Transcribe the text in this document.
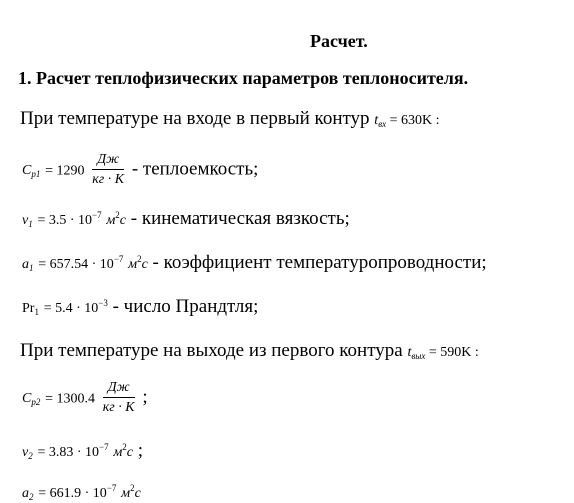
Расчет.
1. Расчет теплофизических параметров теплоносителя.
При температуре на входе в первый контур $t_{вх} = 630K$ :
$C_{p1} = 1290 \frac{Дж}{кг \cdot K}$ - теплоемкость;
$\nu_1 = 3.5 \cdot 10^{-7}$ $м^2с$ - кинематическая вязкость;
$a_1 = 657.54 \cdot 10^{-7}$ $м^2с$ - коэффициент температуропроводности;
$Pr_1 = 5.4 \cdot 10^{-3}$ - число Прандтля;
При температуре на выходе из первого контура $t_{вых} = 590K$ :
$C_{p2} = 1300.4 \frac{Дж}{кг \cdot K}$ ;
$\nu_2 = 3.83 \cdot 10^{-7}$ $м^2с$ ;
$a_2 = 661.9 \cdot 10^{-7}$ $м^2с$
